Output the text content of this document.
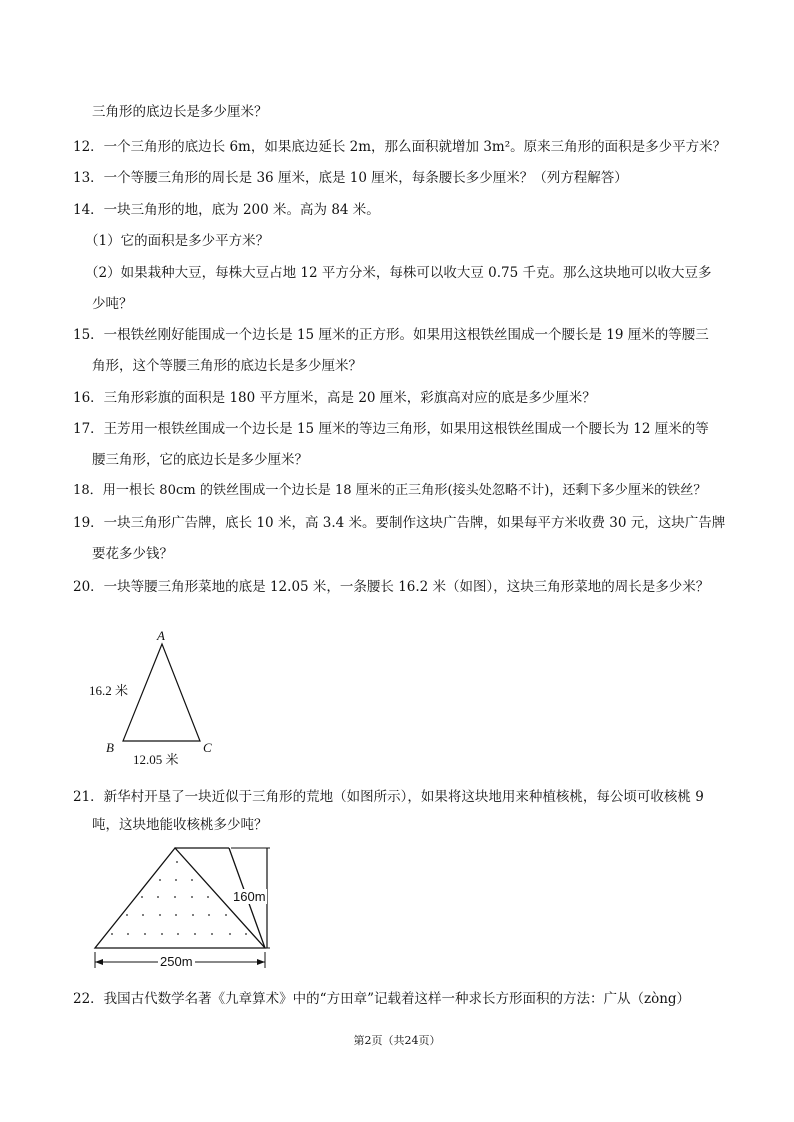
三角形的底边长是多少厘米？
12．一个三角形的底边长 6m，如果底边延长 2m，那么面积就增加 3m²。原来三角形的面积是多少平方米？
13．一个等腰三角形的周长是 36 厘米，底是 10 厘米，每条腰长多少厘米？（列方程解答）
14．一块三角形的地，底为 200 米。高为 84 米。
（1）它的面积是多少平方米？
（2）如果栽种大豆，每株大豆占地 12 平方分米，每株可以收大豆 0.75 千克。那么这块地可以收大豆多
少吨？
15．一根铁丝刚好能围成一个边长是 15 厘米的正方形。如果用这根铁丝围成一个腰长是 19 厘米的等腰三
角形，这个等腰三角形的底边长是多少厘米？
16．三角形彩旗的面积是 180 平方厘米，高是 20 厘米，彩旗高对应的底是多少厘米？
17．王芳用一根铁丝围成一个边长是 15 厘米的等边三角形，如果用这根铁丝围成一个腰长为 12 厘米的等
腰三角形，它的底边长是多少厘米？
18．用一根长 80cm 的铁丝围成一个边长是 18 厘米的正三角形(接头处忽略不计)，还剩下多少厘米的铁丝？
19．一块三角形广告牌，底长 10 米，高 3.4 米。要制作这块广告牌，如果每平方米收费 30 元，这块广告牌
要花多少钱？
20．一块等腰三角形菜地的底是 12.05 米，一条腰长 16.2 米（如图），这块三角形菜地的周长是多少米？
A
B	C
16.2 米
12.05 米
21．新华村开垦了一块近似于三角形的荒地（如图所示），如果将这块地用来种植核桃，每公顷可收核桃 9
吨，这块地能收核桃多少吨？
160m
250m
22．我国古代数学名著《九章算术》中的“方田章”记载着这样一种求长方形面积的方法：广从（zòng）
第2页（共24页）
